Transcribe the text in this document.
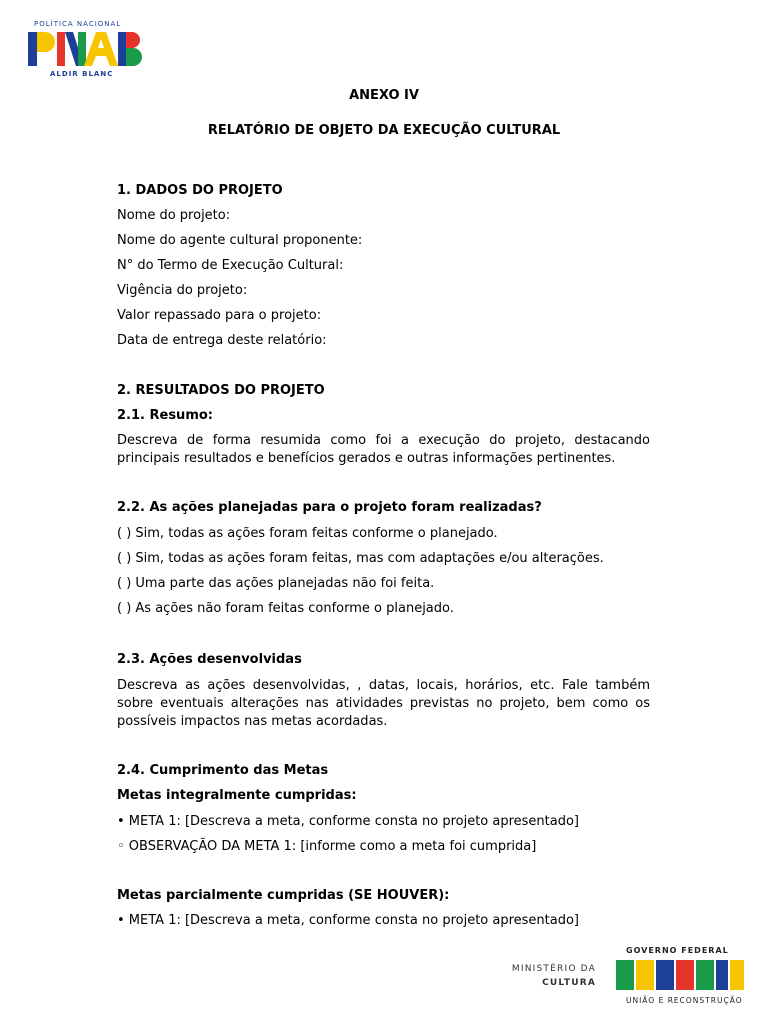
POLÍTICA NACIONAL
ALDIR BLANC
ANEXO IV
RELATÓRIO DE OBJETO DA EXECUÇÃO CULTURAL
1. DADOS DO PROJETO
Nome do projeto:
Nome do agente cultural proponente:
N° do Termo de Execução Cultural:
Vigência do projeto:
Valor repassado para o projeto:
Data de entrega deste relatório:
2. RESULTADOS DO PROJETO
2.1. Resumo:
Descreva de forma resumida como foi a execução do projeto, destacando principais resultados e benefícios gerados e outras informações pertinentes.
2.2. As ações planejadas para o projeto foram realizadas?
( ) Sim, todas as ações foram feitas conforme o planejado.
( ) Sim, todas as ações foram feitas, mas com adaptações e/ou alterações.
( ) Uma parte das ações planejadas não foi feita.
( ) As ações não foram feitas conforme o planejado.
2.3. Ações desenvolvidas
Descreva as ações desenvolvidas, , datas, locais, horários, etc. Fale também sobre eventuais alterações nas atividades previstas no projeto, bem como os possíveis impactos nas metas acordadas.
2.4. Cumprimento das Metas
Metas integralmente cumpridas:
• META 1: [Descreva a meta, conforme consta no projeto apresentado]
◦ OBSERVAÇÃO DA META 1: [informe como a meta foi cumprida]
Metas parcialmente cumpridas (SE HOUVER):
• META 1: [Descreva a meta, conforme consta no projeto apresentado]
MINISTÉRIO DA
CULTURA
GOVERNO FEDERAL
UNIÃO E RECONSTRUÇÃO
